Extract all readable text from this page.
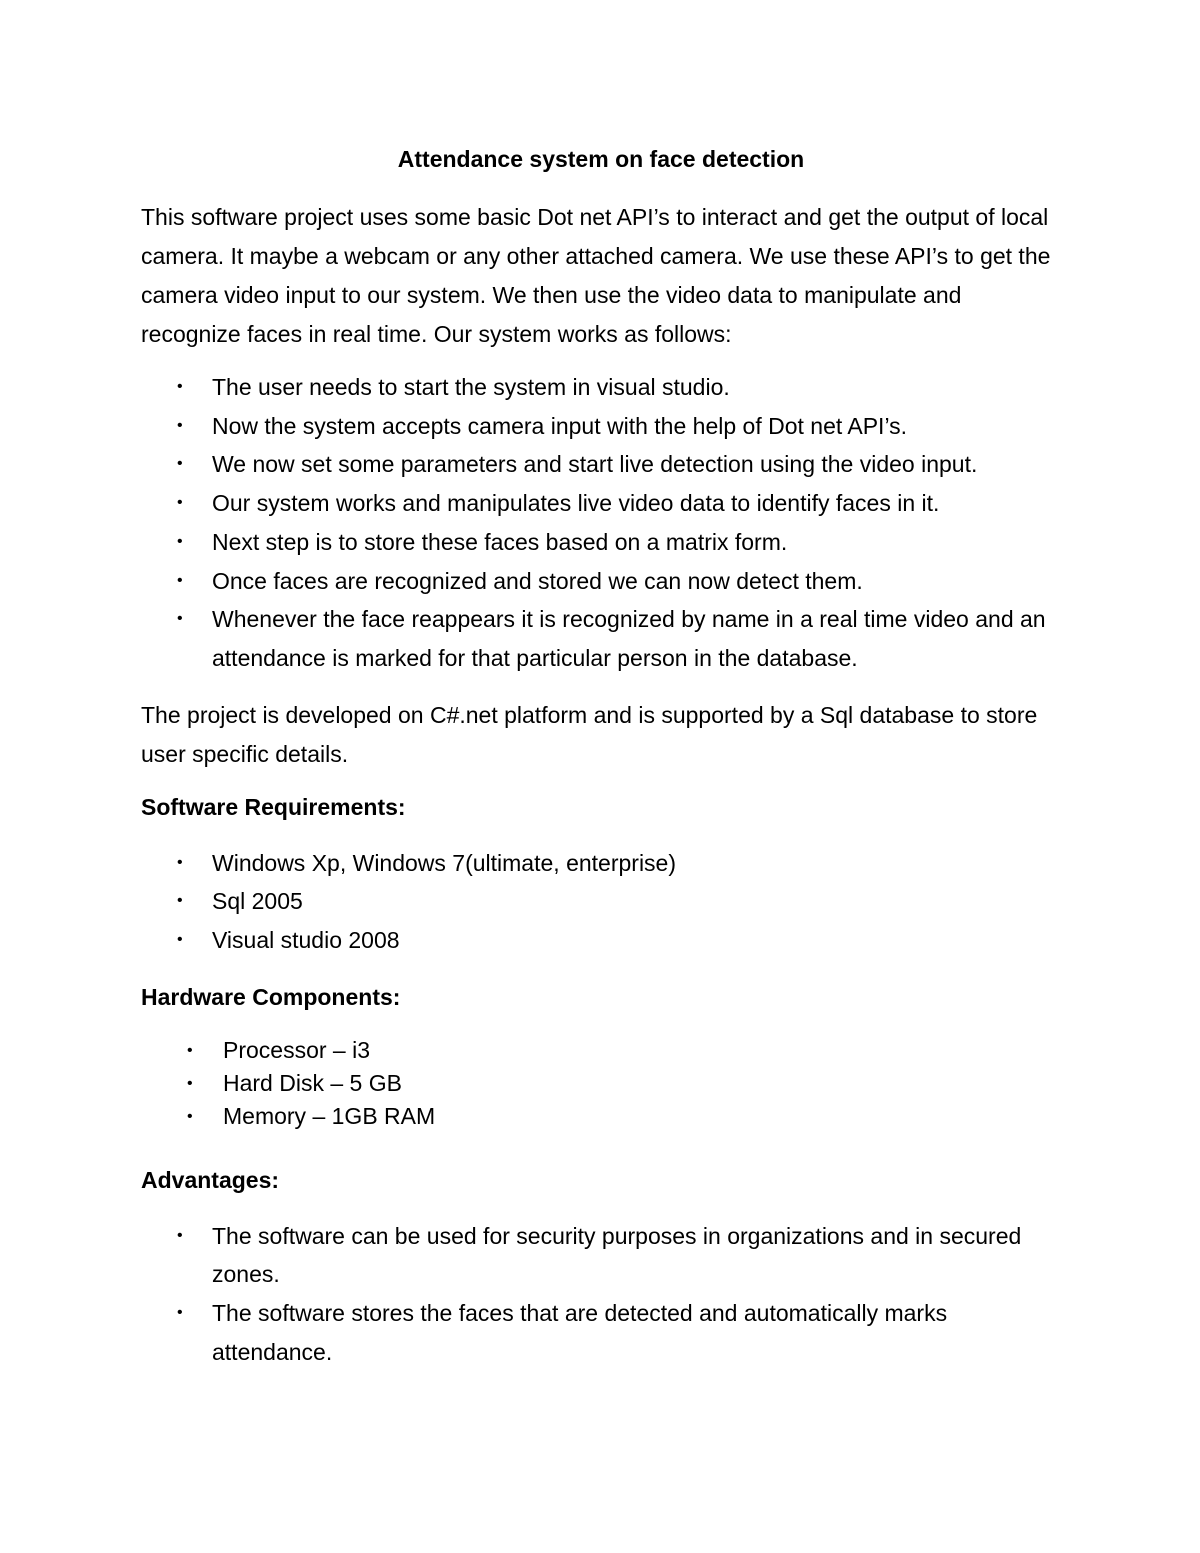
Attendance system on face detection

This software project uses some basic Dot net API’s to interact and get the output of local camera. It maybe a webcam or any other attached camera. We use these API’s to get the camera video input to our system. We then use the video data to manipulate and recognize faces in real time. Our system works as follows:

• The user needs to start the system in visual studio.
• Now the system accepts camera input with the help of Dot net API’s.
• We now set some parameters and start live detection using the video input.
• Our system works and manipulates live video data to identify faces in it.
• Next step is to store these faces based on a matrix form.
• Once faces are recognized and stored we can now detect them.
• Whenever the face reappears it is recognized by name in a real time video and an attendance is marked for that particular person in the database.

The project is developed on C#.net platform and is supported by a Sql database to store user specific details.

Software Requirements:
• Windows Xp, Windows 7(ultimate, enterprise)
• Sql 2005
• Visual studio 2008
Hardware Components:
• Processor – i3
• Hard Disk – 5 GB
• Memory – 1GB RAM
Advantages:
• The software can be used for security purposes in organizations and in secured zones.
• The software stores the faces that are detected and automatically marks attendance.
